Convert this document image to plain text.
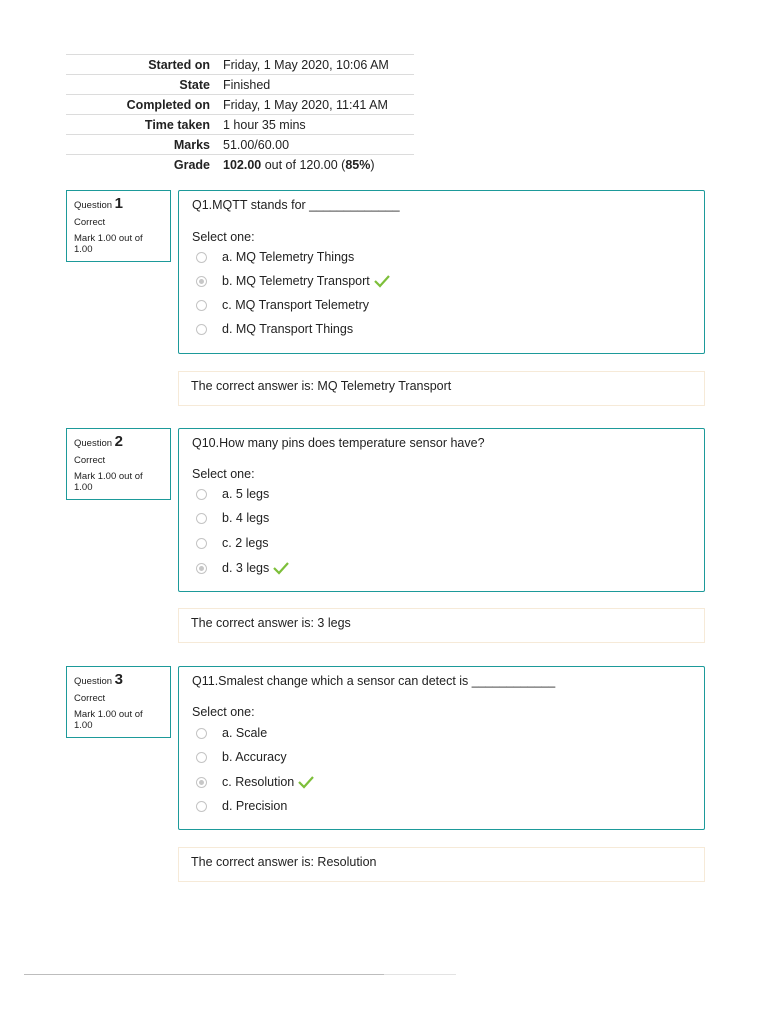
Started on	Friday, 1 May 2020, 10:06 AM
State	Finished
Completed on	Friday, 1 May 2020, 11:41 AM
Time taken	1 hour 35 mins
Marks	51.00/60.00
Grade	102.00 out of 120.00 (85%)
Question 1
Correct
Mark 1.00 out of 1.00
Q1.MQTT stands for _____________
Select one:
a. MQ Telemetry Things
b. MQ Telemetry Transport
c. MQ Transport Telemetry
d. MQ Transport Things
The correct answer is: MQ Telemetry Transport
Question 2
Correct
Mark 1.00 out of 1.00
Q10.How many pins does temperature sensor have?
Select one:
a. 5 legs
b. 4 legs
c. 2 legs
d. 3 legs
The correct answer is: 3 legs
Question 3
Correct
Mark 1.00 out of 1.00
Q11.Smalest change which a sensor can detect is ____________
Select one:
a. Scale
b. Accuracy
c. Resolution
d. Precision
The correct answer is: Resolution
